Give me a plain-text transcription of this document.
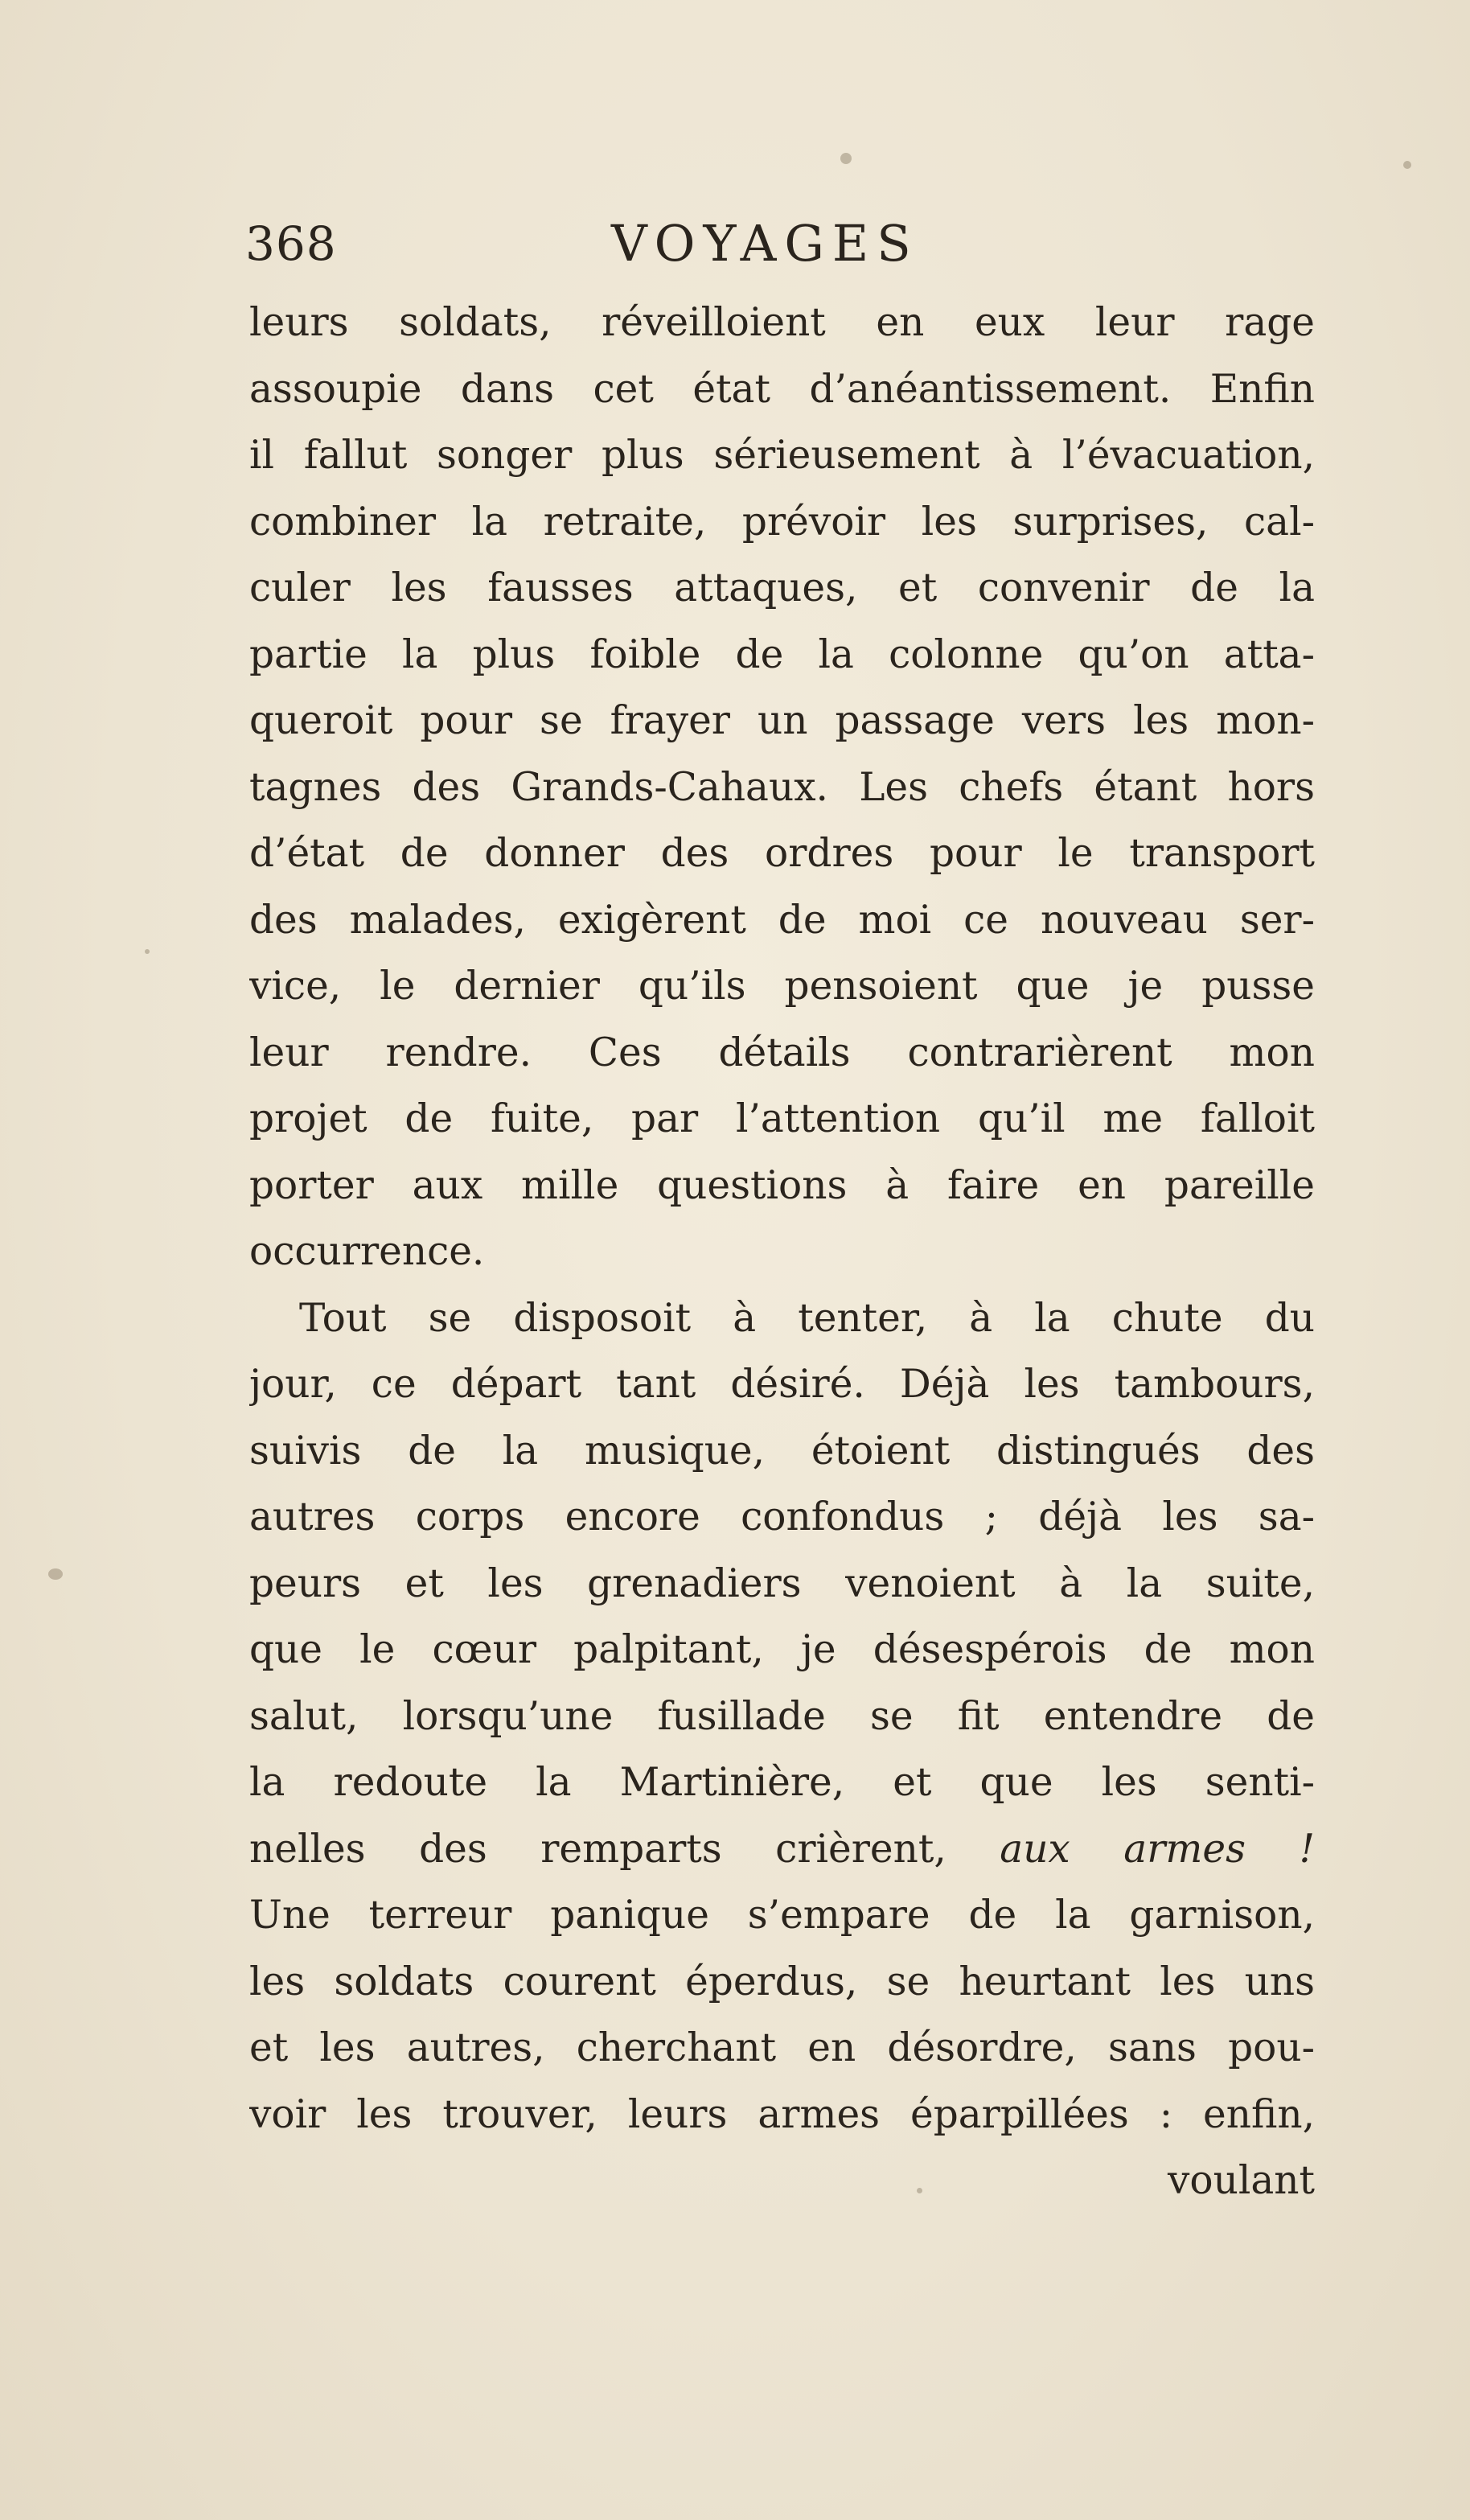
368	VOYAGES
leurs soldats, réveilloient en eux leur rage
assoupie dans cet état d’anéantissement. Enfin
il fallut songer plus sérieusement à l’évacuation,
combiner la retraite, prévoir les surprises, cal-
culer les fausses attaques, et convenir de la
partie la plus foible de la colonne qu’on atta-
queroit pour se frayer un passage vers les mon-
tagnes des Grands-Cahaux. Les chefs étant hors
d’état de donner des ordres pour le transport
des malades, exigèrent de moi ce nouveau ser-
vice, le dernier qu’ils pensoient que je pusse
leur rendre. Ces détails contrarièrent mon
projet de fuite, par l’attention qu’il me falloit
porter aux mille questions à faire en pareille
occurrence.
Tout se disposoit à tenter, à la chute du
jour, ce départ tant désiré. Déjà les tambours,
suivis de la musique, étoient distingués des
autres corps encore confondus ; déjà les sa-
peurs et les grenadiers venoient à la suite,
que le cœur palpitant, je désespérois de mon
salut, lorsqu’une fusillade se fit entendre de
la redoute la Martinière, et que les senti-
nelles des remparts crièrent, aux armes !
Une terreur panique s’empare de la garnison,
les soldats courent éperdus, se heurtant les uns
et les autres, cherchant en désordre, sans pou-
voir les trouver, leurs armes éparpillées : enfin,
voulant
